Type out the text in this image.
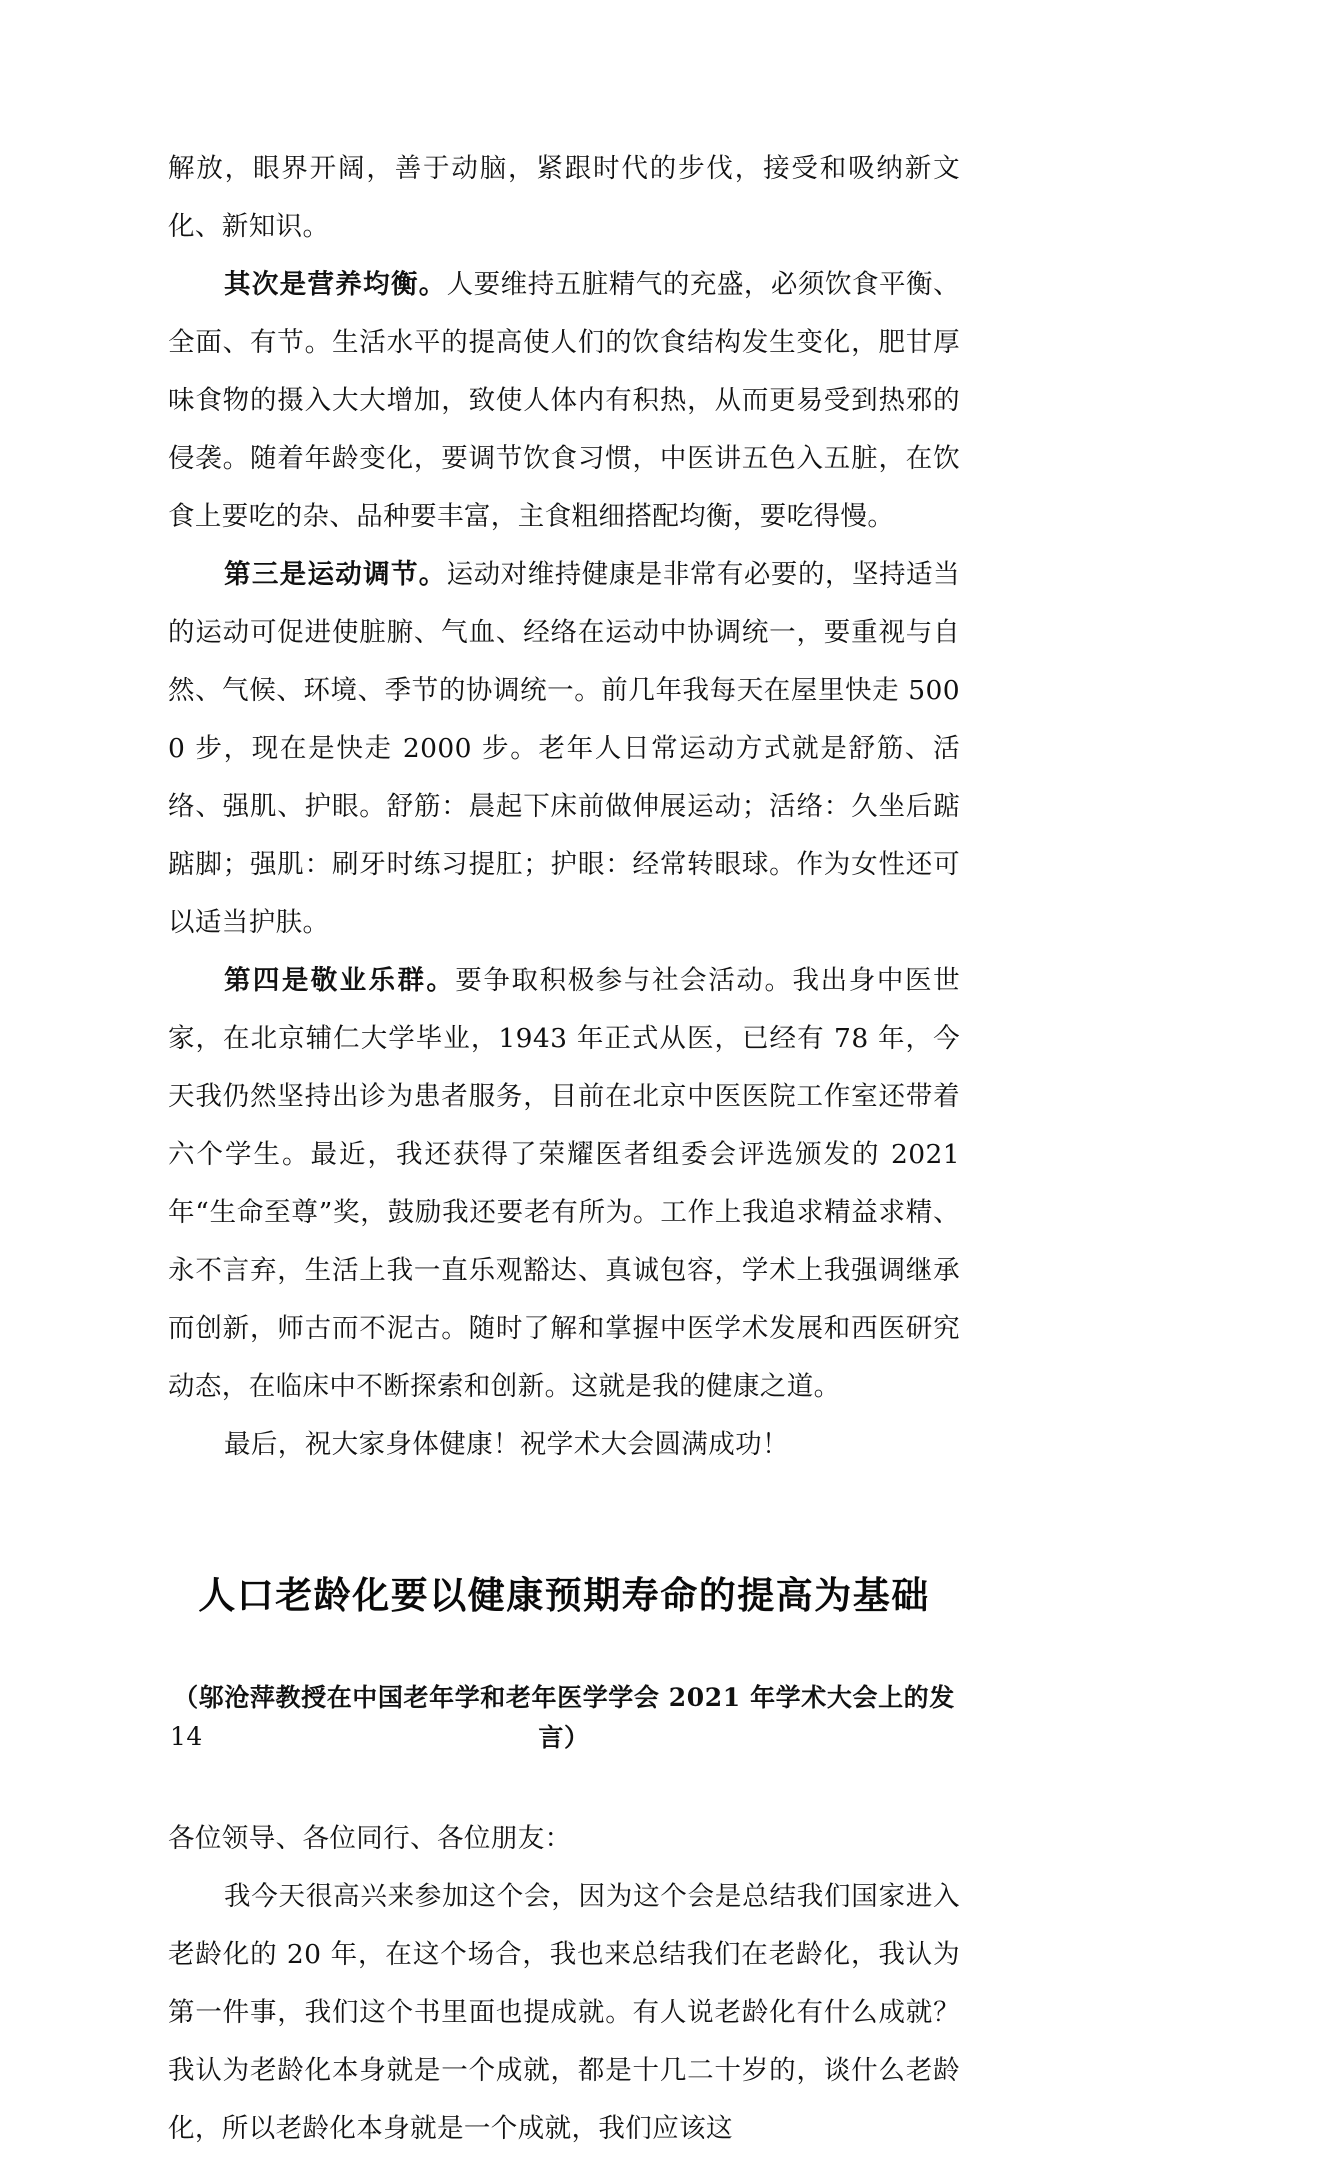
解放，眼界开阔，善于动脑，紧跟时代的步伐，接受和吸纳新文化、新知识。

其次是营养均衡。人要维持五脏精气的充盛，必须饮食平衡、全面、有节。生活水平的提高使人们的饮食结构发生变化，肥甘厚味食物的摄入大大增加，致使人体内有积热，从而更易受到热邪的侵袭。随着年龄变化，要调节饮食习惯，中医讲五色入五脏，在饮食上要吃的杂、品种要丰富，主食粗细搭配均衡，要吃得慢。

第三是运动调节。运动对维持健康是非常有必要的，坚持适当的运动可促进使脏腑、气血、经络在运动中协调统一，要重视与自然、气候、环境、季节的协调统一。前几年我每天在屋里快走 5000 步，现在是快走 2000 步。老年人日常运动方式就是舒筋、活络、强肌、护眼。舒筋：晨起下床前做伸展运动；活络：久坐后踮踮脚；强肌：刷牙时练习提肛；护眼：经常转眼球。作为女性还可以适当护肤。

第四是敬业乐群。要争取积极参与社会活动。我出身中医世家，在北京辅仁大学毕业，1943 年正式从医，已经有 78 年，今天我仍然坚持出诊为患者服务，目前在北京中医医院工作室还带着六个学生。最近，我还获得了荣耀医者组委会评选颁发的 2021 年“生命至尊”奖，鼓励我还要老有所为。工作上我追求精益求精、永不言弃，生活上我一直乐观豁达、真诚包容，学术上我强调继承而创新，师古而不泥古。随时了解和掌握中医学术发展和西医研究动态，在临床中不断探索和创新。这就是我的健康之道。

最后，祝大家身体健康！祝学术大会圆满成功！

人口老龄化要以健康预期寿命的提高为基础
（邬沧萍教授在中国老年学和老年医学学会 2021 年学术大会上的发言）

各位领导、各位同行、各位朋友：

我今天很高兴来参加这个会，因为这个会是总结我们国家进入老龄化的 20 年，在这个场合，我也来总结我们在老龄化，我认为第一件事，我们这个书里面也提成就。有人说老龄化有什么成就？我认为老龄化本身就是一个成就，都是十几二十岁的，谈什么老龄化，所以老龄化本身就是一个成就，我们应该这

14
